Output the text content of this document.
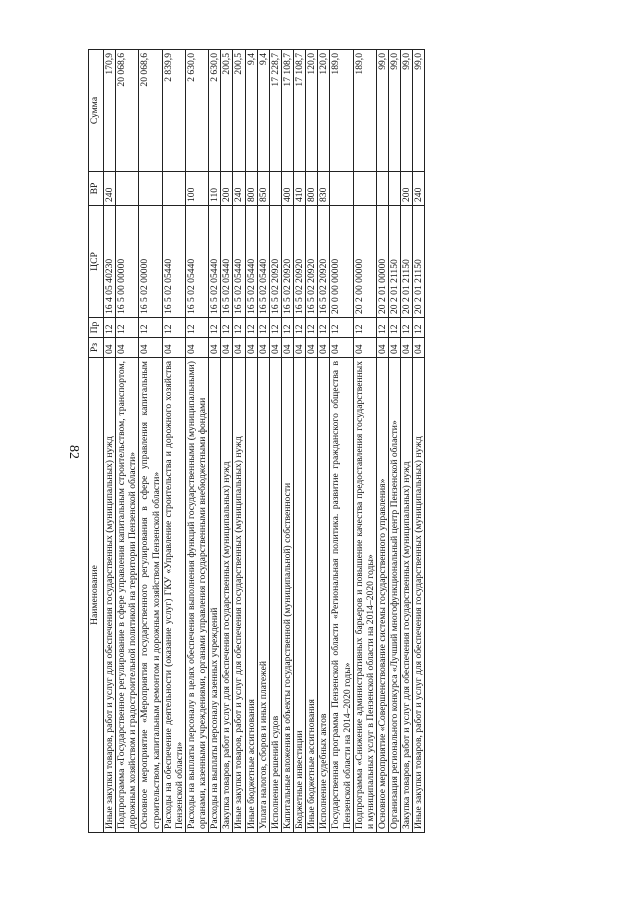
82
Наименование	Рз	Пр	ЦСР	ВР	Сумма
Иные закупки товаров, работ и услуг для обеспечения государственных (муниципальных) нужд	04	12	16 4 05 40230	240	170,9
Подпрограмма «Государственное регулирование в сфере управления капитальным строительством, транспортом, дорожным хозяйством и градостроительной политикой на территории Пензенской области»	04	12	16 5 00 00000		20 068,6
Основное мероприятие «Мероприятия государственного регулирования в сфере управления капитальным строительством, капитальным ремонтом и дорожным хозяйством Пензенской области»	04	12	16 5 02 00000		20 068,6
Расходы на обеспечение деятельности (оказание услуг) ГКУ «Управление строительства и дорожного хозяйства Пензенской области»	04	12	16 5 02 05440		2 839,9
Расходы на выплаты персоналу в целях обеспечения выполнения функций государственными (муниципальными) органами, казенными учреждениями, органами управления государственными внебюджетными фондами	04	12	16 5 02 05440	100	2 630,0
Расходы на выплаты персоналу казенных учреждений	04	12	16 5 02 05440	110	2 630,0
Закупка товаров, работ и услуг для обеспечения государственных (муниципальных) нужд	04	12	16 5 02 05440	200	200,5
Иные закупки товаров, работ и услуг для обеспечения государственных (муниципальных) нужд	04	12	16 5 02 05440	240	200,5
Иные бюджетные ассигнования	04	12	16 5 02 05440	800	9,4
Уплата налогов, сборов и иных платежей	04	12	16 5 02 05440	850	9,4
Исполнение решений судов	04	12	16 5 02 20920		17 228,7
Капитальные вложения в объекты государственной (муниципальной) собственности	04	12	16 5 02 20920	400	17 108,7
Бюджетные инвестиции	04	12	16 5 02 20920	410	17 108,7
Иные бюджетные ассигнования	04	12	16 5 02 20920	800	120,0
Исполнение судебных актов	04	12	16 5 02 20920	830	120,0
Государственная программа Пензенской области «Региональная политика. развитие гражданского общества в Пензенской области на 2014–2020 годы»	04	12	20 0 00 00000		189,0
Подпрограмма «Снижение административных барьеров и повышение качества предоставления государственных и муниципальных услуг в Пензенской области на 2014–2020 годы»	04	12	20 2 00 00000		189,0
Основное мероприятие «Совершенствование системы государственного управления»	04	12	20 2 01 00000		99,0
Организация регионального конкурса «Лучший многофункциональный центр Пензенской области»	04	12	20 2 01 21150		99,0
Закупка товаров, работ и услуг для обеспечения государственных (муниципальных) нужд	04	12	20 2 01 21150	200	99,0
Иные закупки товаров, работ и услуг для обеспечения государственных (муниципальных) нужд	04	12	20 2 01 21150	240	99,0
